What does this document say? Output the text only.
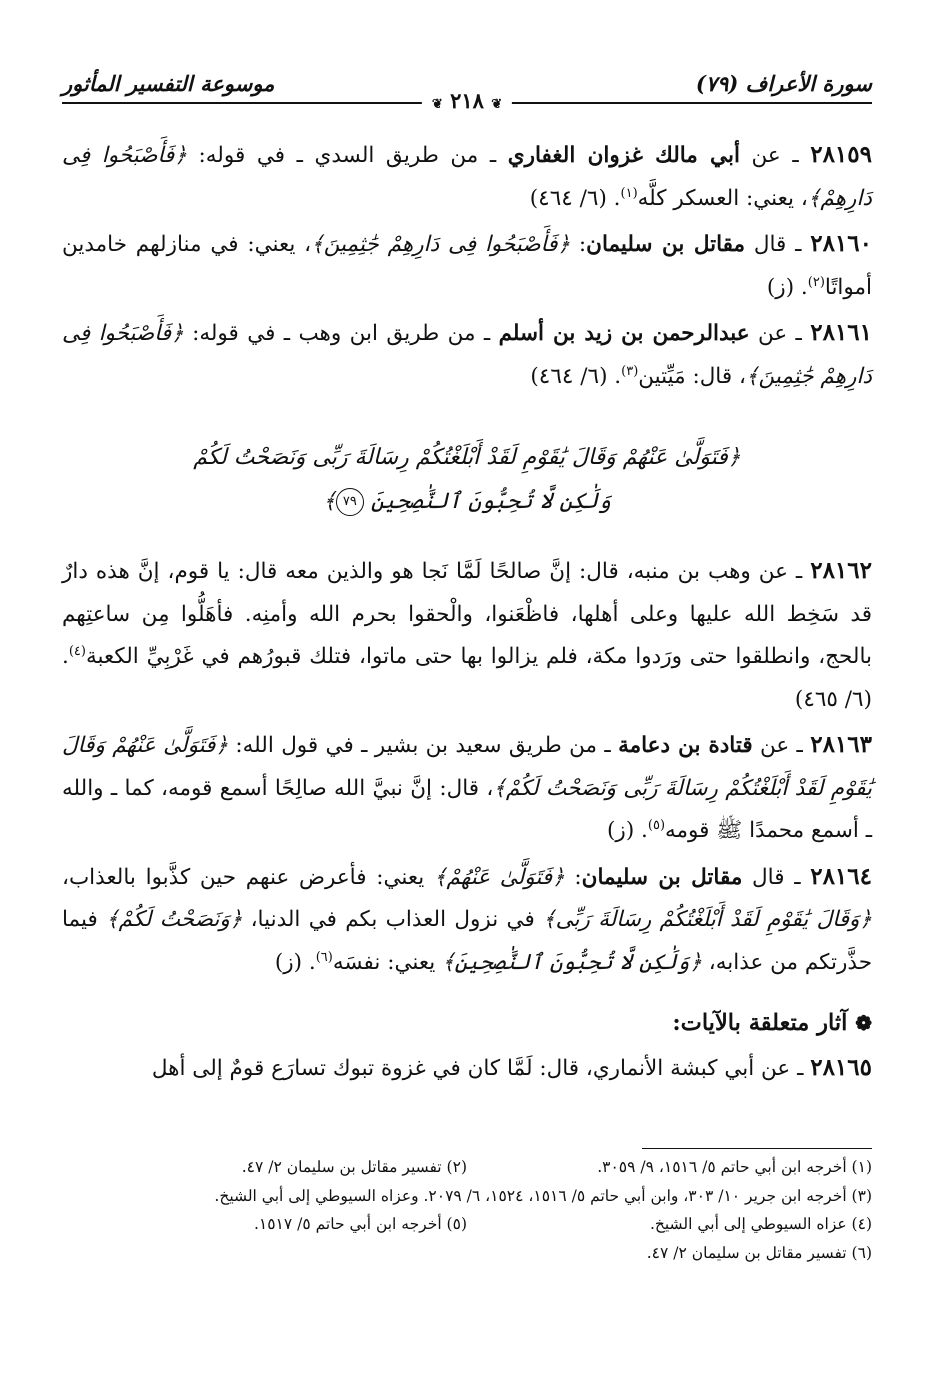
سورة الأعراف (٧٩)
موسوعة التفسير المأثور
❦ ٢١٨ ❦

٢٨١٥٩ ـ عن أبي مالك غزوان الغفاري ـ من طريق السدي ـ في قوله: ﴿فَأَصْبَحُوا فِى دَارِهِمْ﴾، يعني: العسكر كلَّه$^{(١)}$. (٦/ ٤٦٤)

٢٨١٦٠ ـ قال مقاتل بن سليمان: ﴿فَأَصْبَحُوا فِى دَارِهِمْ جَٰثِمِينَ﴾، يعني: في منازلهم خامدين أمواتًا$^{(٢)}$. (ز)

٢٨١٦١ ـ عن عبدالرحمن بن زيد بن أسلم ـ من طريق ابن وهب ـ في قوله: ﴿فَأَصْبَحُوا فِى دَارِهِمْ جَٰثِمِينَ﴾، قال: مَيِّتين$^{(٣)}$. (٦/ ٤٦٤)

﴿فَتَوَلَّىٰ عَنْهُمْ وَقَالَ يَٰقَوْمِ لَقَدْ أَبْلَغْتُكُمْ رِسَالَةَ رَبِّى وَنَصَحْتُ لَكُمْ
وَلَٰكِن لَّا تُحِبُّونَ ٱلنَّٰصِحِينَ ٧٩﴾

٢٨١٦٢ ـ عن وهب بن منبه، قال: إنَّ صالحًا لَمَّا نَجا هو والذين معه قال: يا قوم، إنَّ هذه دارٌ قد سَخِط الله عليها وعلى أهلها، فاظْعَنوا، والْحقوا بحرم الله وأمنِه. فأهَلُّوا مِن ساعتِهم بالحج، وانطلقوا حتى ورَدوا مكة، فلم يزالوا بها حتى ماتوا، فتلك قبورُهم في غَرْبِيِّ الكعبة$^{(٤)}$. (٦/ ٤٦٥)

٢٨١٦٣ ـ عن قتادة بن دعامة ـ من طريق سعيد بن بشير ـ في قول الله: ﴿فَتَوَلَّىٰ عَنْهُمْ وَقَالَ يَٰقَوْمِ لَقَدْ أَبْلَغْتُكُمْ رِسَالَةَ رَبِّى وَنَصَحْتُ لَكُمْ﴾، قال: إنَّ نبيَّ الله صالِحًا أسمع قومه، كما ـ والله ـ أسمع محمدًا ﷺ قومه$^{(٥)}$. (ز)

٢٨١٦٤ ـ قال مقاتل بن سليمان: ﴿فَتَوَلَّىٰ عَنْهُمْ﴾ يعني: فأعرض عنهم حين كذَّبوا بالعذاب، ﴿وَقَالَ يَٰقَوْمِ لَقَدْ أَبْلَغْتُكُمْ رِسَالَةَ رَبِّى﴾ في نزول العذاب بكم في الدنيا، ﴿وَنَصَحْتُ لَكُمْ﴾ فيما حذَّرتكم من عذابه، ﴿وَلَٰكِن لَّا تُحِبُّونَ ٱلنَّٰصِحِينَ﴾ يعني: نفسَه$^{(٦)}$. (ز)

❁ آثار متعلقة بالآيات:

٢٨١٦٥ ـ عن أبي كبشة الأنماري، قال: لَمَّا كان في غزوة تبوك تسارَع قومٌ إلى أهل

(١) أخرجه ابن أبي حاتم ٥/ ١٥١٦، ٩/ ٣٠٥٩.
(٢) تفسير مقاتل بن سليمان ٢/ ٤٧.
(٣) أخرجه ابن جرير ١٠/ ٣٠٣، وابن أبي حاتم ٥/ ١٥١٦، ١٥٢٤، ٦/ ٢٠٧٩. وعزاه السيوطي إلى أبي الشيخ.
(٤) عزاه السيوطي إلى أبي الشيخ.
(٥) أخرجه ابن أبي حاتم ٥/ ١٥١٧.
(٦) تفسير مقاتل بن سليمان ٢/ ٤٧.
